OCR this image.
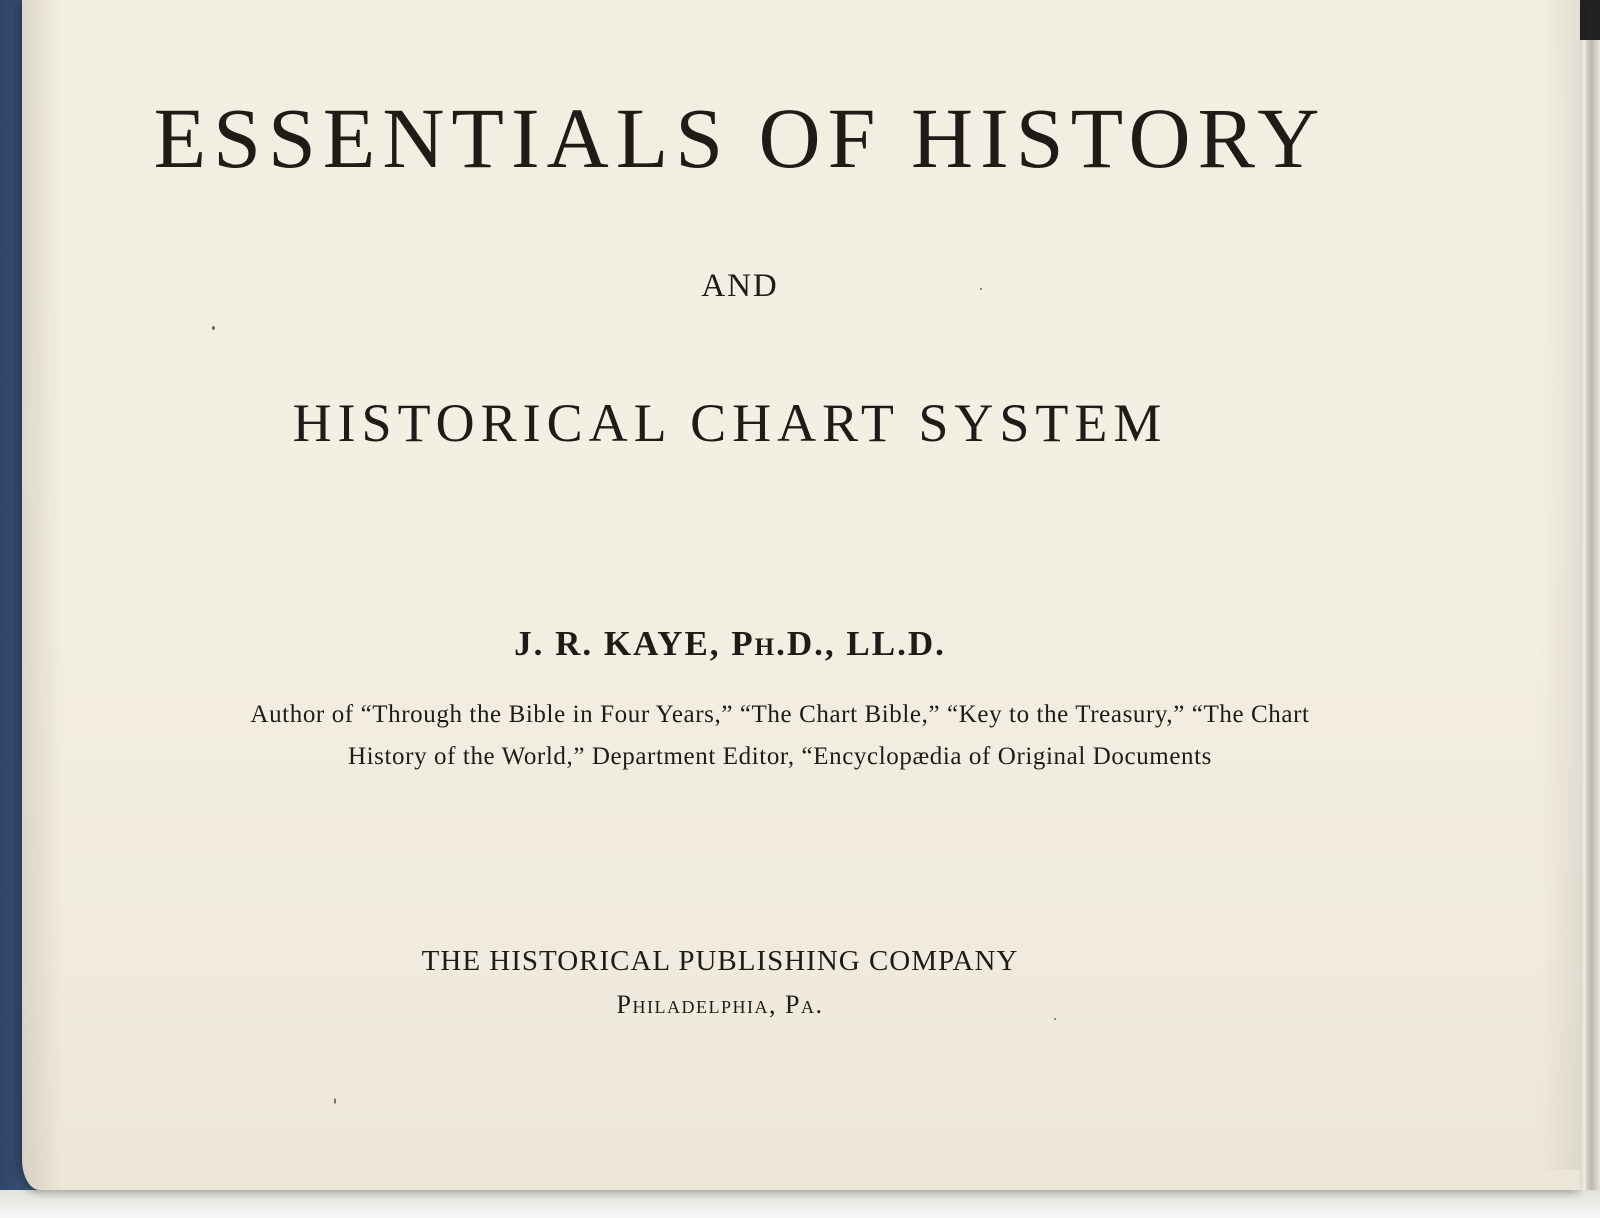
ESSENTIALS OF HISTORY
AND
HISTORICAL CHART SYSTEM
J. R. KAYE, Ph.D., LL.D.
Author of “Through the Bible in Four Years,” “The Chart Bible,” “Key to the Treasury,” “The Chart
History of the World,” Department Editor, “Encyclopædia of Original Documents
THE HISTORICAL PUBLISHING COMPANY
Philadelphia, Pa.
